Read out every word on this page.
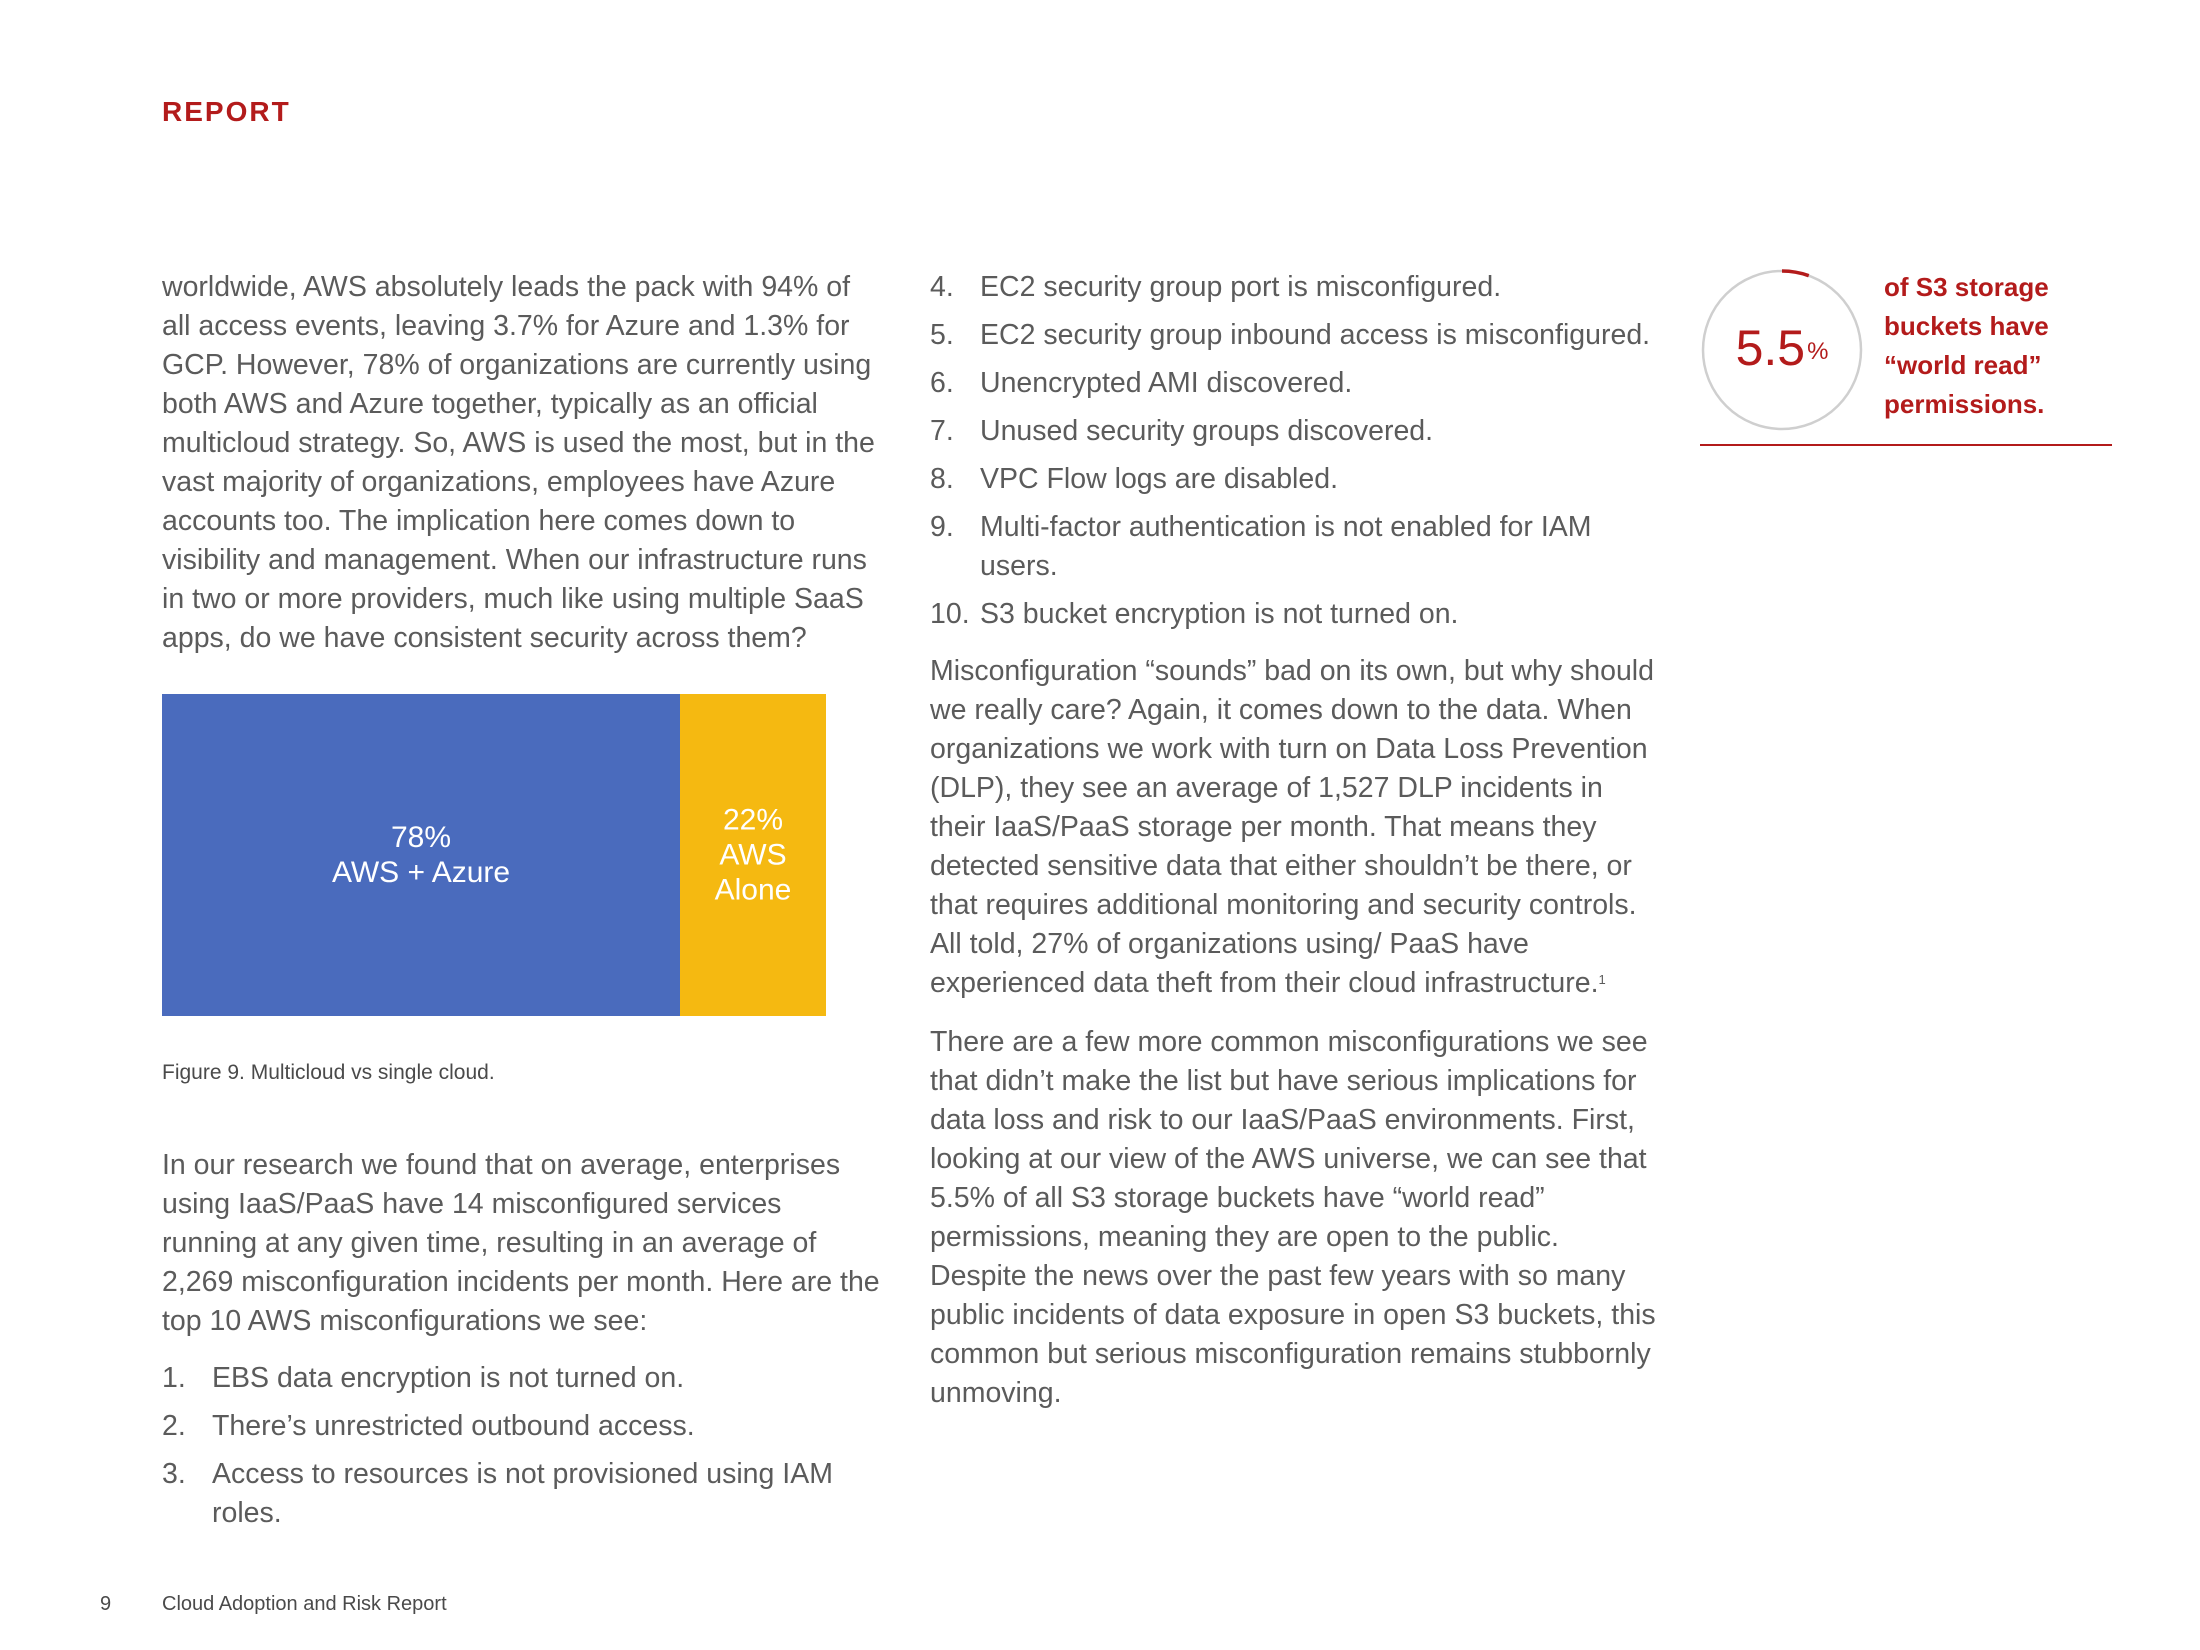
REPORT

worldwide, AWS absolutely leads the pack with 94% of all access events, leaving 3.7% for Azure and 1.3% for GCP. However, 78% of organizations are currently using both AWS and Azure together, typically as an official multicloud strategy. So, AWS is used the most, but in the vast majority of organizations, employees have Azure accounts too. The implication here comes down to visibility and management. When our infrastructure runs in two or more providers, much like using multiple SaaS apps, do we have consistent security across them?

78%
AWS + Azure
22%
AWS
Alone
Figure 9. Multicloud vs single cloud.

In our research we found that on average, enterprises using IaaS/PaaS have 14 misconfigured services running at any given time, resulting in an average of 2,269 misconfiguration incidents per month. Here are the top 10 AWS misconfigurations we see:

1. EBS data encryption is not turned on.
2. There’s unrestricted outbound access.
3. Access to resources is not provisioned using IAM roles.
4. EC2 security group port is misconfigured.
5. EC2 security group inbound access is misconfigured.
6. Unencrypted AMI discovered.
7. Unused security groups discovered.
8. VPC Flow logs are disabled.
9. Multi-factor authentication is not enabled for IAM users.
10. S3 bucket encryption is not turned on.

Misconfiguration “sounds” bad on its own, but why should we really care? Again, it comes down to the data. When organizations we work with turn on Data Loss Prevention (DLP), they see an average of 1,527 DLP incidents in their IaaS/PaaS storage per month. That means they detected sensitive data that either shouldn’t be there, or that requires additional monitoring and security controls. All told, 27% of organizations using/ PaaS have experienced data theft from their cloud infrastructure.$^1$

There are a few more common misconfigurations we see that didn’t make the list but have serious implications for data loss and risk to our IaaS/PaaS environments. First, looking at our view of the AWS universe, we can see that 5.5% of all S3 storage buckets have “world read” permissions, meaning they are open to the public. Despite the news over the past few years with so many public incidents of data exposure in open S3 buckets, this common but serious misconfiguration remains stubbornly unmoving.

5.5%
of S3 storage buckets have “world read” permissions.
9	Cloud Adoption and Risk Report
